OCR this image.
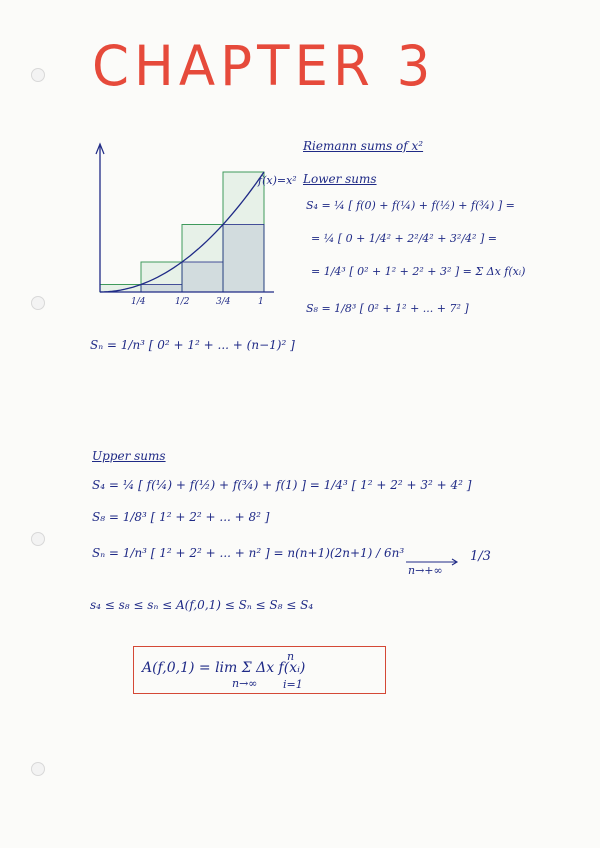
CHAPTER 3
f(x)=x²
1/4	1/2	3/4	1
Riemann sums of x²
Lower sums
S₄ = ¼ [ f(0) + f(¼) + f(½) + f(¾) ] =
= ¼ [ 0 + 1/4² + 2²/4² + 3²/4² ] =
= 1/4³ [ 0² + 1² + 2² + 3² ] = Σ Δx f(xᵢ)
S₈ = 1/8³ [ 0² + 1² + ... + 7² ]
Sₙ = 1/n³ [ 0² + 1² + ... + (n−1)² ]
Upper sums
S₄ = ¼ [ f(¼) + f(½) + f(¾) + f(1) ] = 1/4³ [ 1² + 2² + 3² + 4² ]
S₈ = 1/8³ [ 1² + 2² + ... + 8² ]
Sₙ = 1/n³ [ 1² + 2² + ... + n² ] = n(n+1)(2n+1) / 6n³
n→+∞
1/3
s₄ ≤ s₈ ≤ sₙ ≤ A(f,0,1) ≤ Sₙ ≤ S₈ ≤ S₄
A(f,0,1) = lim Σ Δx f(xᵢ)
n→∞
n
i=1
